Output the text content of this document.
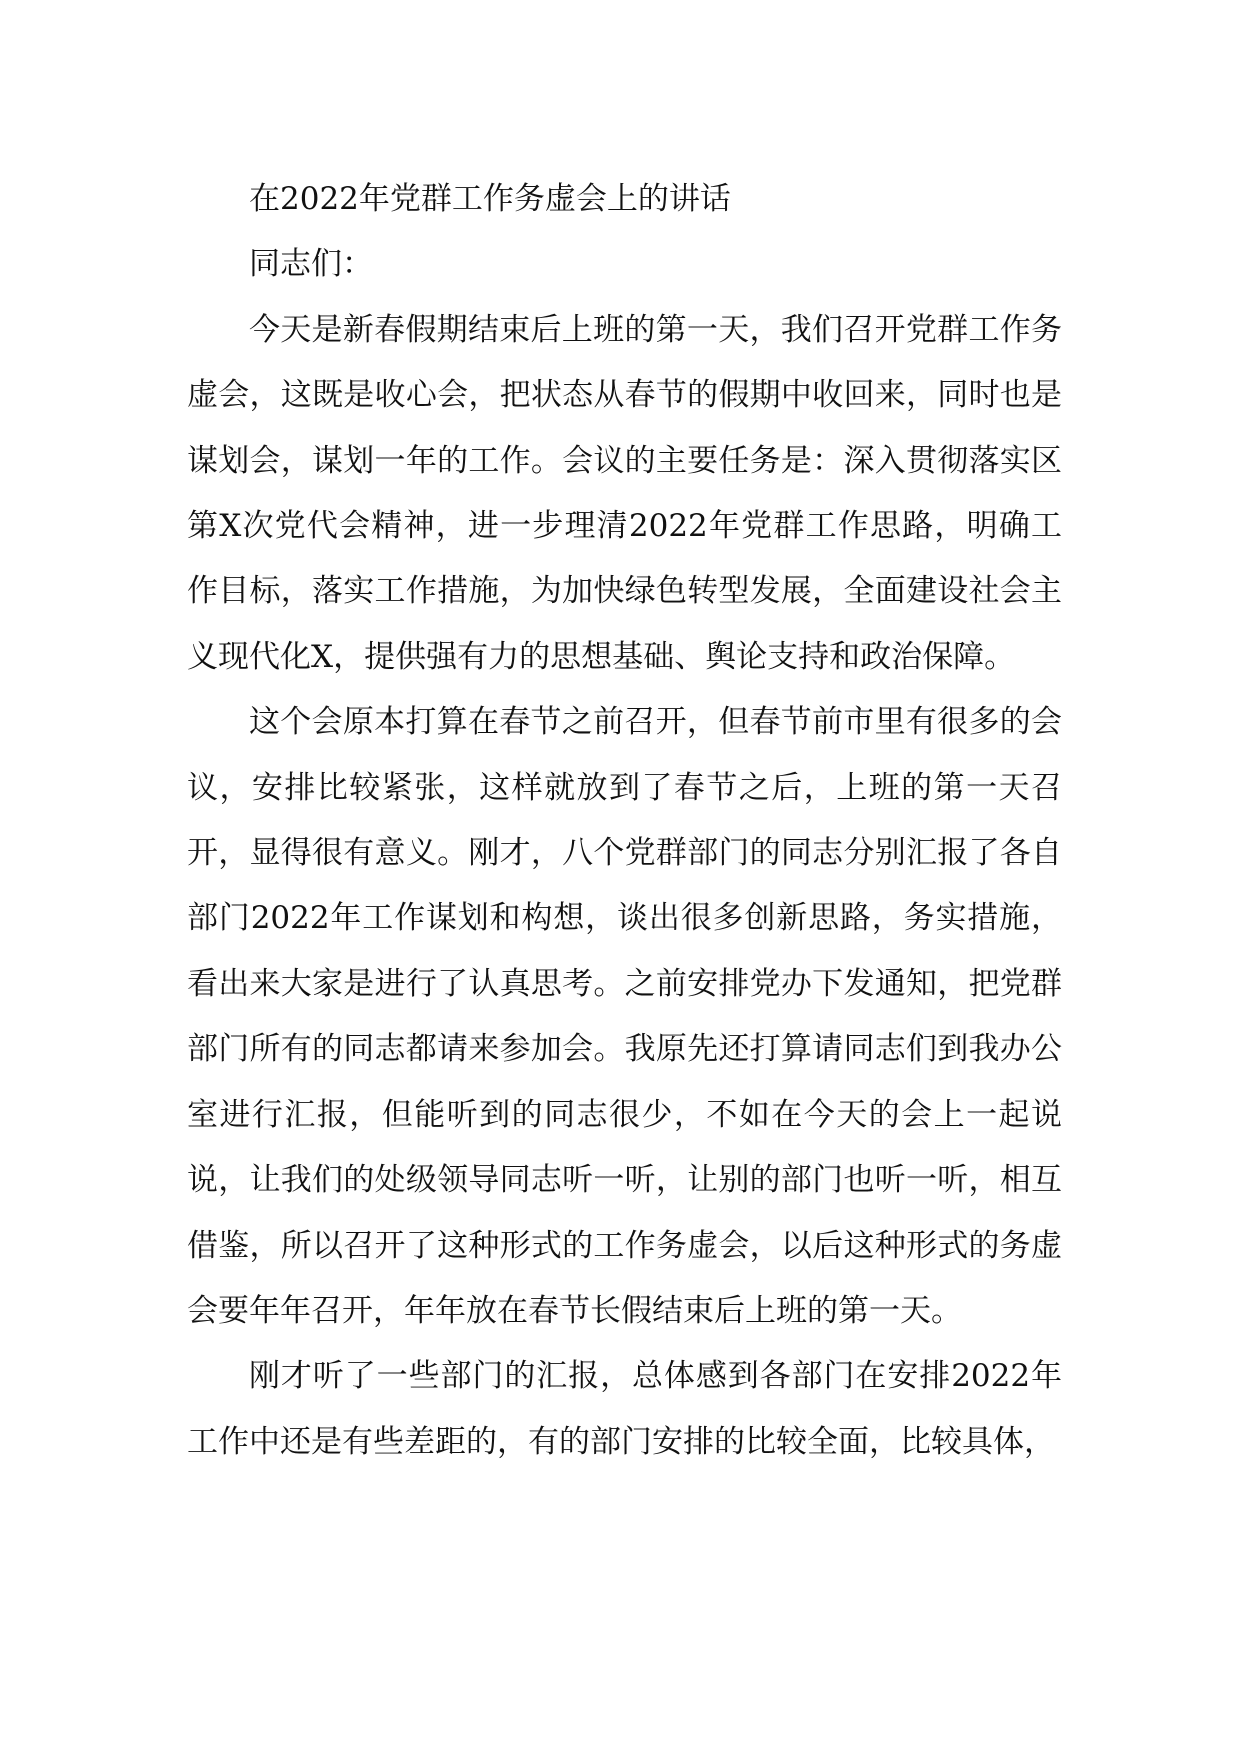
在2022年党群工作务虚会上的讲话

同志们：

今天是新春假期结束后上班的第一天，我们召开党群工作务虚会，这既是收心会，把状态从春节的假期中收回来，同时也是谋划会，谋划一年的工作。会议的主要任务是：深入贯彻落实区第X次党代会精神，进一步理清2022年党群工作思路，明确工作目标，落实工作措施，为加快绿色转型发展，全面建设社会主义现代化X，提供强有力的思想基础、舆论支持和政治保障。

这个会原本打算在春节之前召开，但春节前市里有很多的会议，安排比较紧张，这样就放到了春节之后，上班的第一天召开，显得很有意义。刚才，八个党群部门的同志分别汇报了各自部门2022年工作谋划和构想，谈出很多创新思路，务实措施，看出来大家是进行了认真思考。之前安排党办下发通知，把党群部门所有的同志都请来参加会。我原先还打算请同志们到我办公室进行汇报，但能听到的同志很少，不如在今天的会上一起说说，让我们的处级领导同志听一听，让别的部门也听一听，相互借鉴，所以召开了这种形式的工作务虚会，以后这种形式的务虚会要年年召开，年年放在春节长假结束后上班的第一天。

刚才听了一些部门的汇报，总体感到各部门在安排2022年工作中还是有些差距的，有的部门安排的比较全面，比较具体，
